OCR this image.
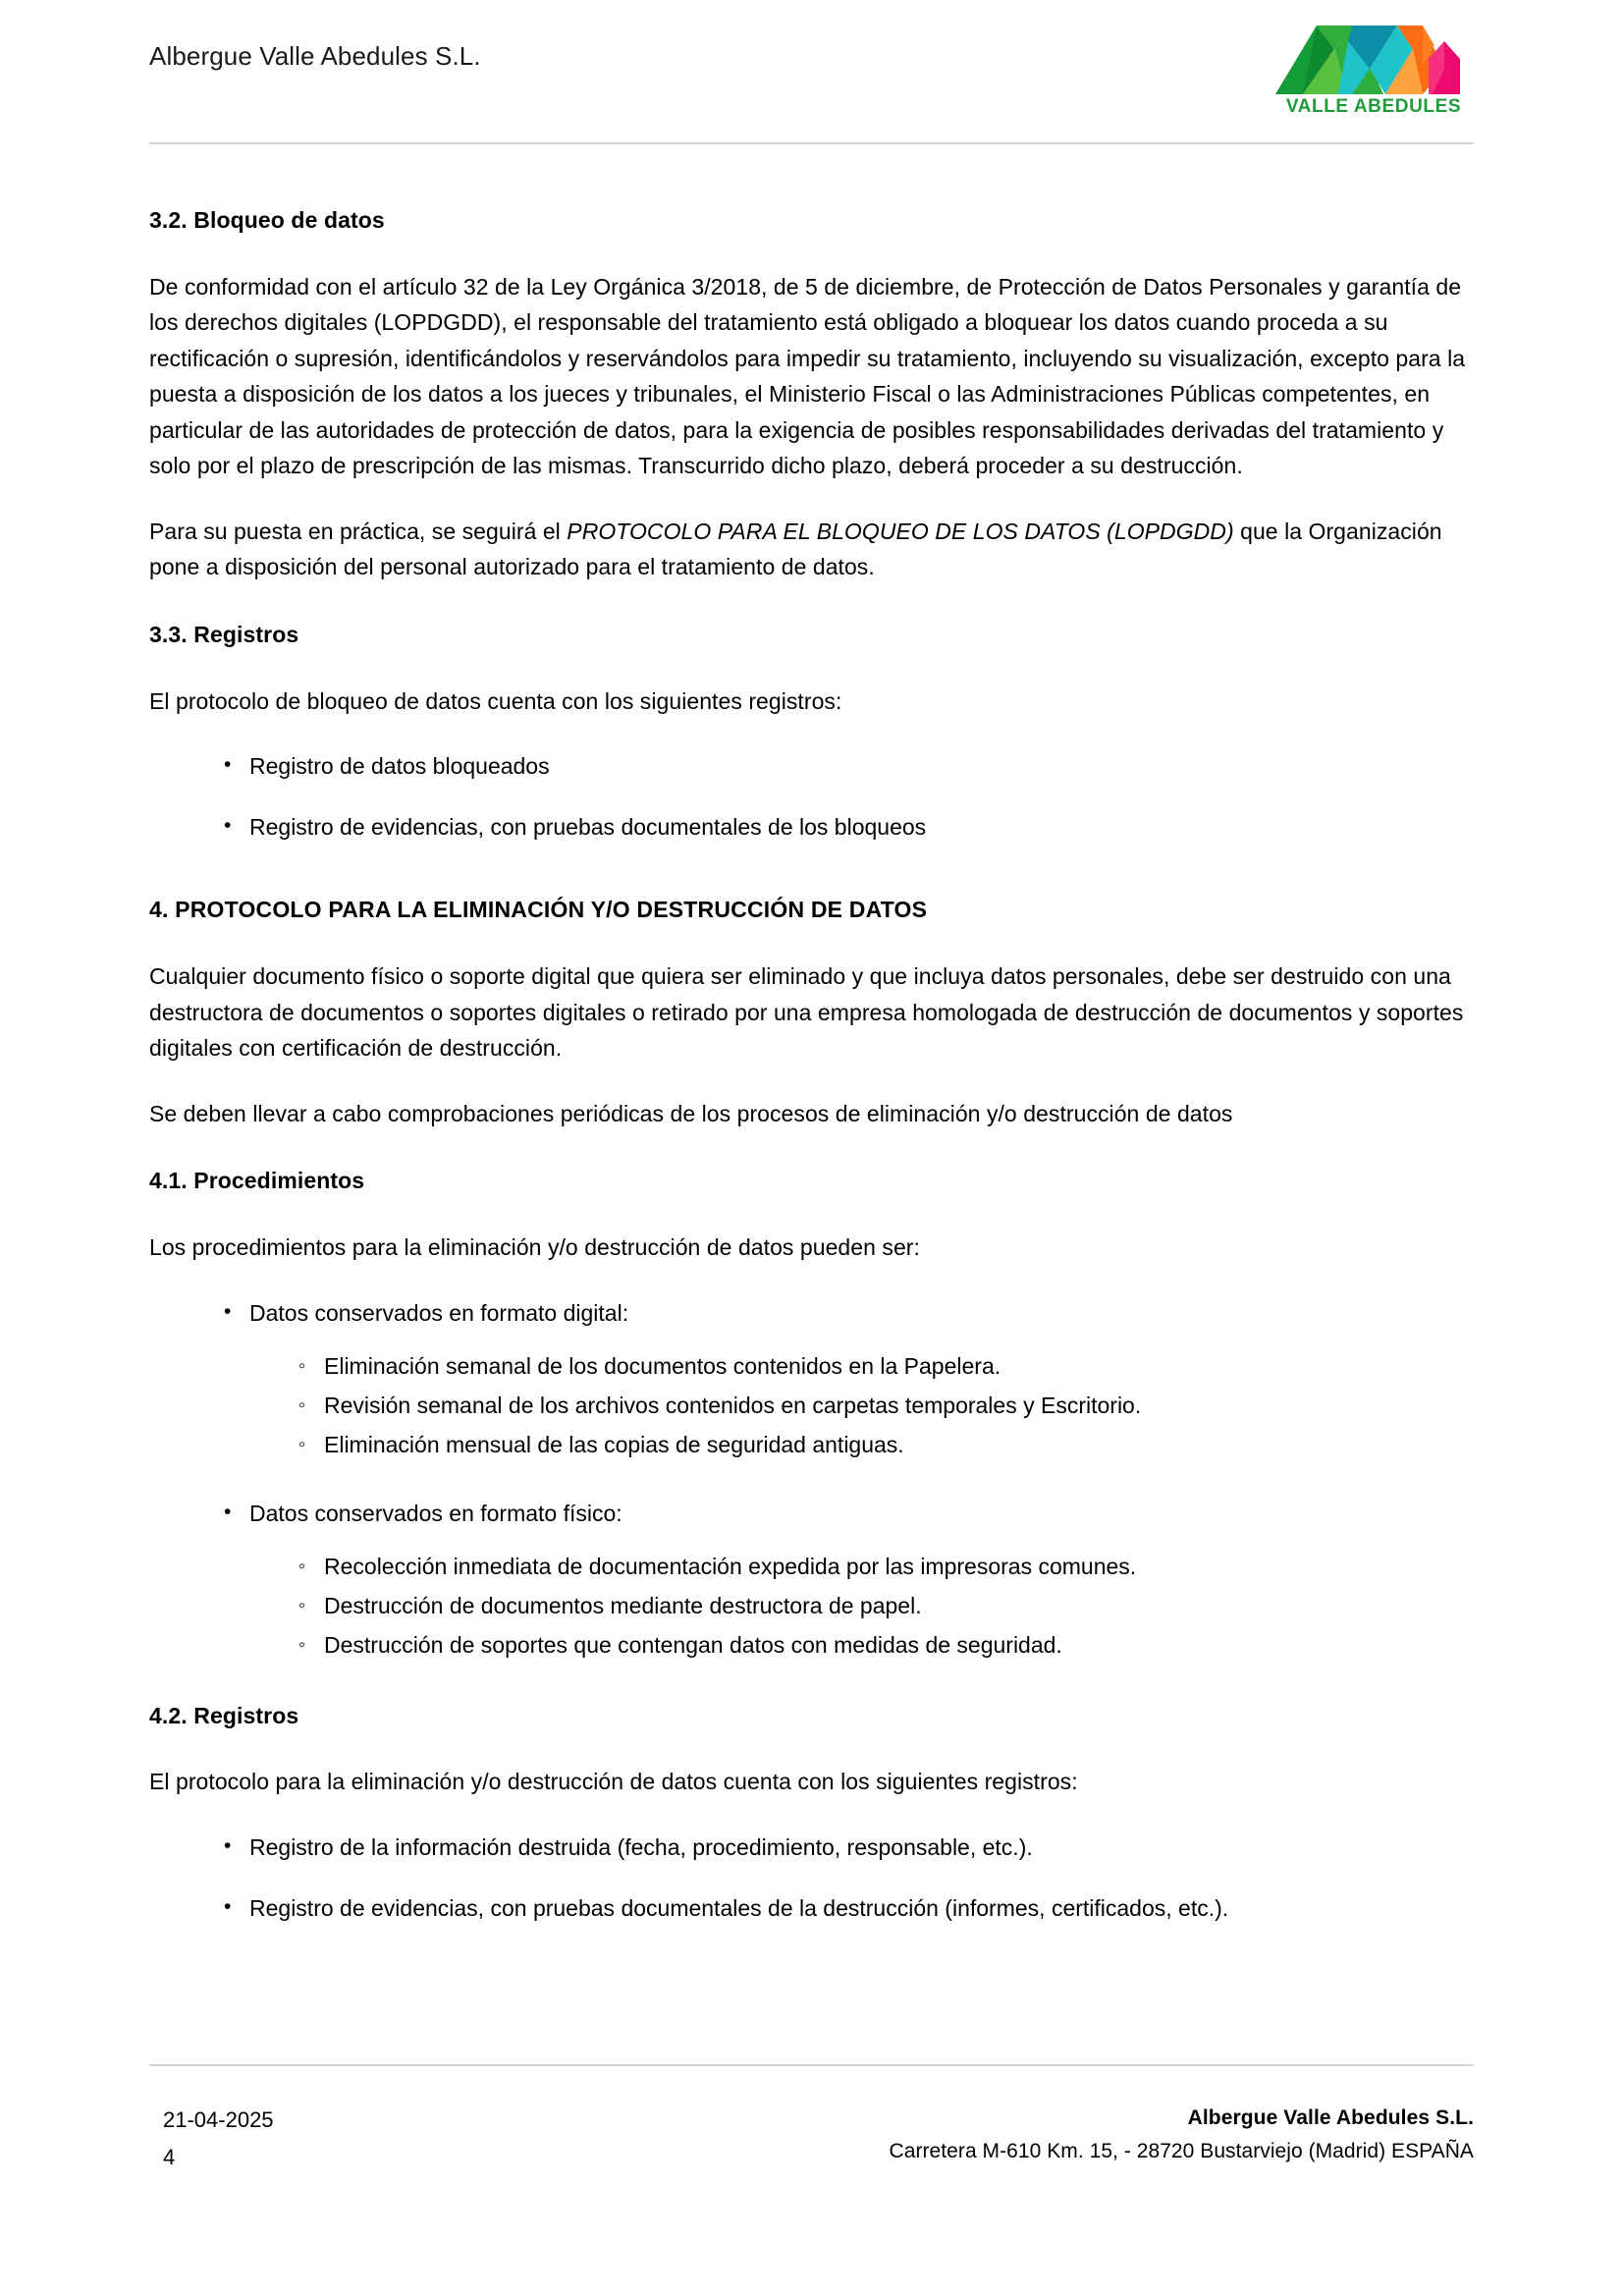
Albergue Valle Abedules S.L.
VALLE ABEDULES
3.2. Bloqueo de datos

De conformidad con el artículo 32 de la Ley Orgánica 3/2018, de 5 de diciembre, de Protección de Datos Personales y garantía de los derechos digitales (LOPDGDD), el responsable del tratamiento está obligado a bloquear los datos cuando proceda a su rectificación o supresión, identificándolos y reservándolos para impedir su tratamiento, incluyendo su visualización, excepto para la puesta a disposición de los datos a los jueces y tribunales, el Ministerio Fiscal o las Administraciones Públicas competentes, en particular de las autoridades de protección de datos, para la exigencia de posibles responsabilidades derivadas del tratamiento y solo por el plazo de prescripción de las mismas. Transcurrido dicho plazo, deberá proceder a su destrucción.

Para su puesta en práctica, se seguirá el PROTOCOLO PARA EL BLOQUEO DE LOS DATOS (LOPDGDD) que la Organización pone a disposición del personal autorizado para el tratamiento de datos.

3.3. Registros

El protocolo de bloqueo de datos cuenta con los siguientes registros:

• Registro de datos bloqueados
• Registro de evidencias, con pruebas documentales de los bloqueos
4. PROTOCOLO PARA LA ELIMINACIÓN Y/O DESTRUCCIÓN DE DATOS

Cualquier documento físico o soporte digital que quiera ser eliminado y que incluya datos personales, debe ser destruido con una destructora de documentos o soportes digitales o retirado por una empresa homologada de destrucción de documentos y soportes digitales con certificación de destrucción.

Se deben llevar a cabo comprobaciones periódicas de los procesos de eliminación y/o destrucción de datos

4.1. Procedimientos

Los procedimientos para la eliminación y/o destrucción de datos pueden ser:

• Datos conservados en formato digital:
◦ Eliminación semanal de los documentos contenidos en la Papelera.
◦ Revisión semanal de los archivos contenidos en carpetas temporales y Escritorio.
◦ Eliminación mensual de las copias de seguridad antiguas.
• Datos conservados en formato físico:
◦ Recolección inmediata de documentación expedida por las impresoras comunes.
◦ Destrucción de documentos mediante destructora de papel.
◦ Destrucción de soportes que contengan datos con medidas de seguridad.
4.2. Registros

El protocolo para la eliminación y/o destrucción de datos cuenta con los siguientes registros:

• Registro de la información destruida (fecha, procedimiento, responsable, etc.).
• Registro de evidencias, con pruebas documentales de la destrucción (informes, certificados, etc.).
21-04-2025
4
Albergue Valle Abedules S.L.
Carretera M-610 Km. 15, - 28720 Bustarviejo (Madrid) ESPAÑA
